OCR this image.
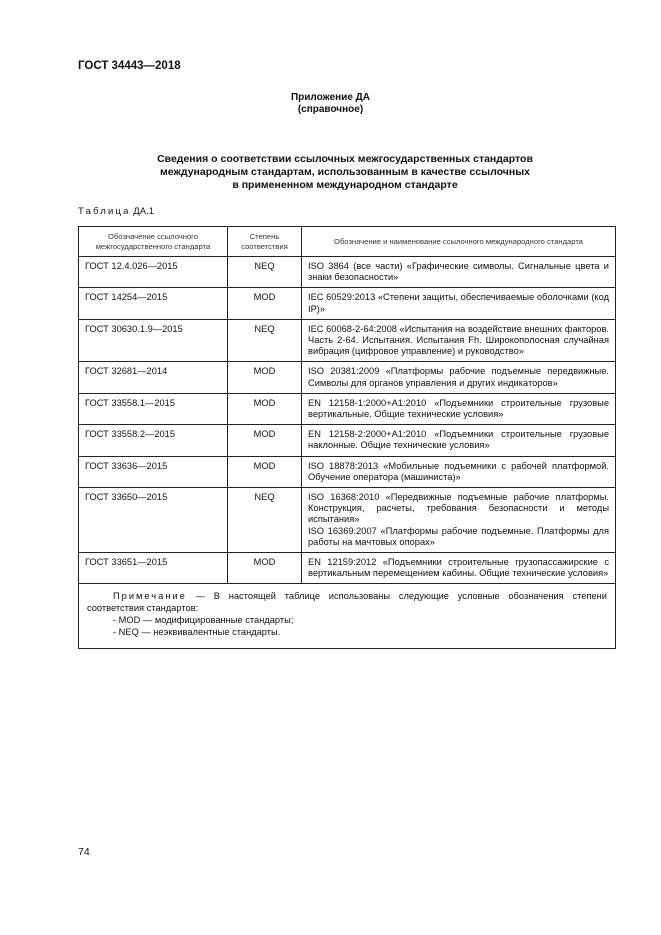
ГОСТ 34443—2018
Приложение ДА
(справочное)
Сведения о соответствии ссылочных межгосударственных стандартов
международным стандартам, использованным в качестве ссылочных
в примененном международном стандарте
Таблица ДА.1
Обозначение ссылочного межгосударственного стандарта	Степень соответствия	Обозначение и наименование ссылочного международного стандарта
ГОСТ 12.4.026—2015	NEQ	ISO 3864 (все части) «Графические символы. Сигнальные цвета и знаки безопасности»
ГОСТ 14254—2015	MOD	IEC 60529:2013 «Степени защиты, обеспечиваемые оболочками (код IP)»
ГОСТ 30630.1.9—2015	NEQ	IEC 60068-2-64:2008 «Испытания на воздействие внешних факторов. Часть 2-64. Испытания. Испытания Fh. Широкополосная случайная вибрация (цифровое управление) и руководство»
ГОСТ 32681—2014	MOD	ISO 20381:2009 «Платформы рабочие подъемные передвижные. Символы для органов управления и других индикаторов»
ГОСТ 33558.1—2015	MOD	EN 12158-1:2000+A1:2010 «Подъемники строительные грузовые вертикальные. Общие технические условия»
ГОСТ 33558.2—2015	MOD	EN 12158-2:2000+A1:2010 «Подъемники строительные грузовые наклонные. Общие технические условия»
ГОСТ 33636—2015	MOD	ISO 18878:2013 «Мобильные подъемники с рабочей платформой. Обучение оператора (машиниста)»
ГОСТ 33650—2015	NEQ	ISO 16368:2010 «Передвижные подъемные рабочие платформы. Конструкция, расчеты, требования безопасности и методы испытания»
ISO 16369:2007 «Платформы рабочие подъемные. Платформы для работы на мачтовых опорах»

ГОСТ 33651—2015	MOD	EN 12159:2012 «Подъемники строительные грузопассажирские с вертикальным перемещением кабины. Общие технические условия»

Примечание — В настоящей таблице использованы следующие условные обозначения степени соответствия стандартов:
- MOD — модифицированные стандарты;
- NEQ — неэквивалентные стандарты.		
74
